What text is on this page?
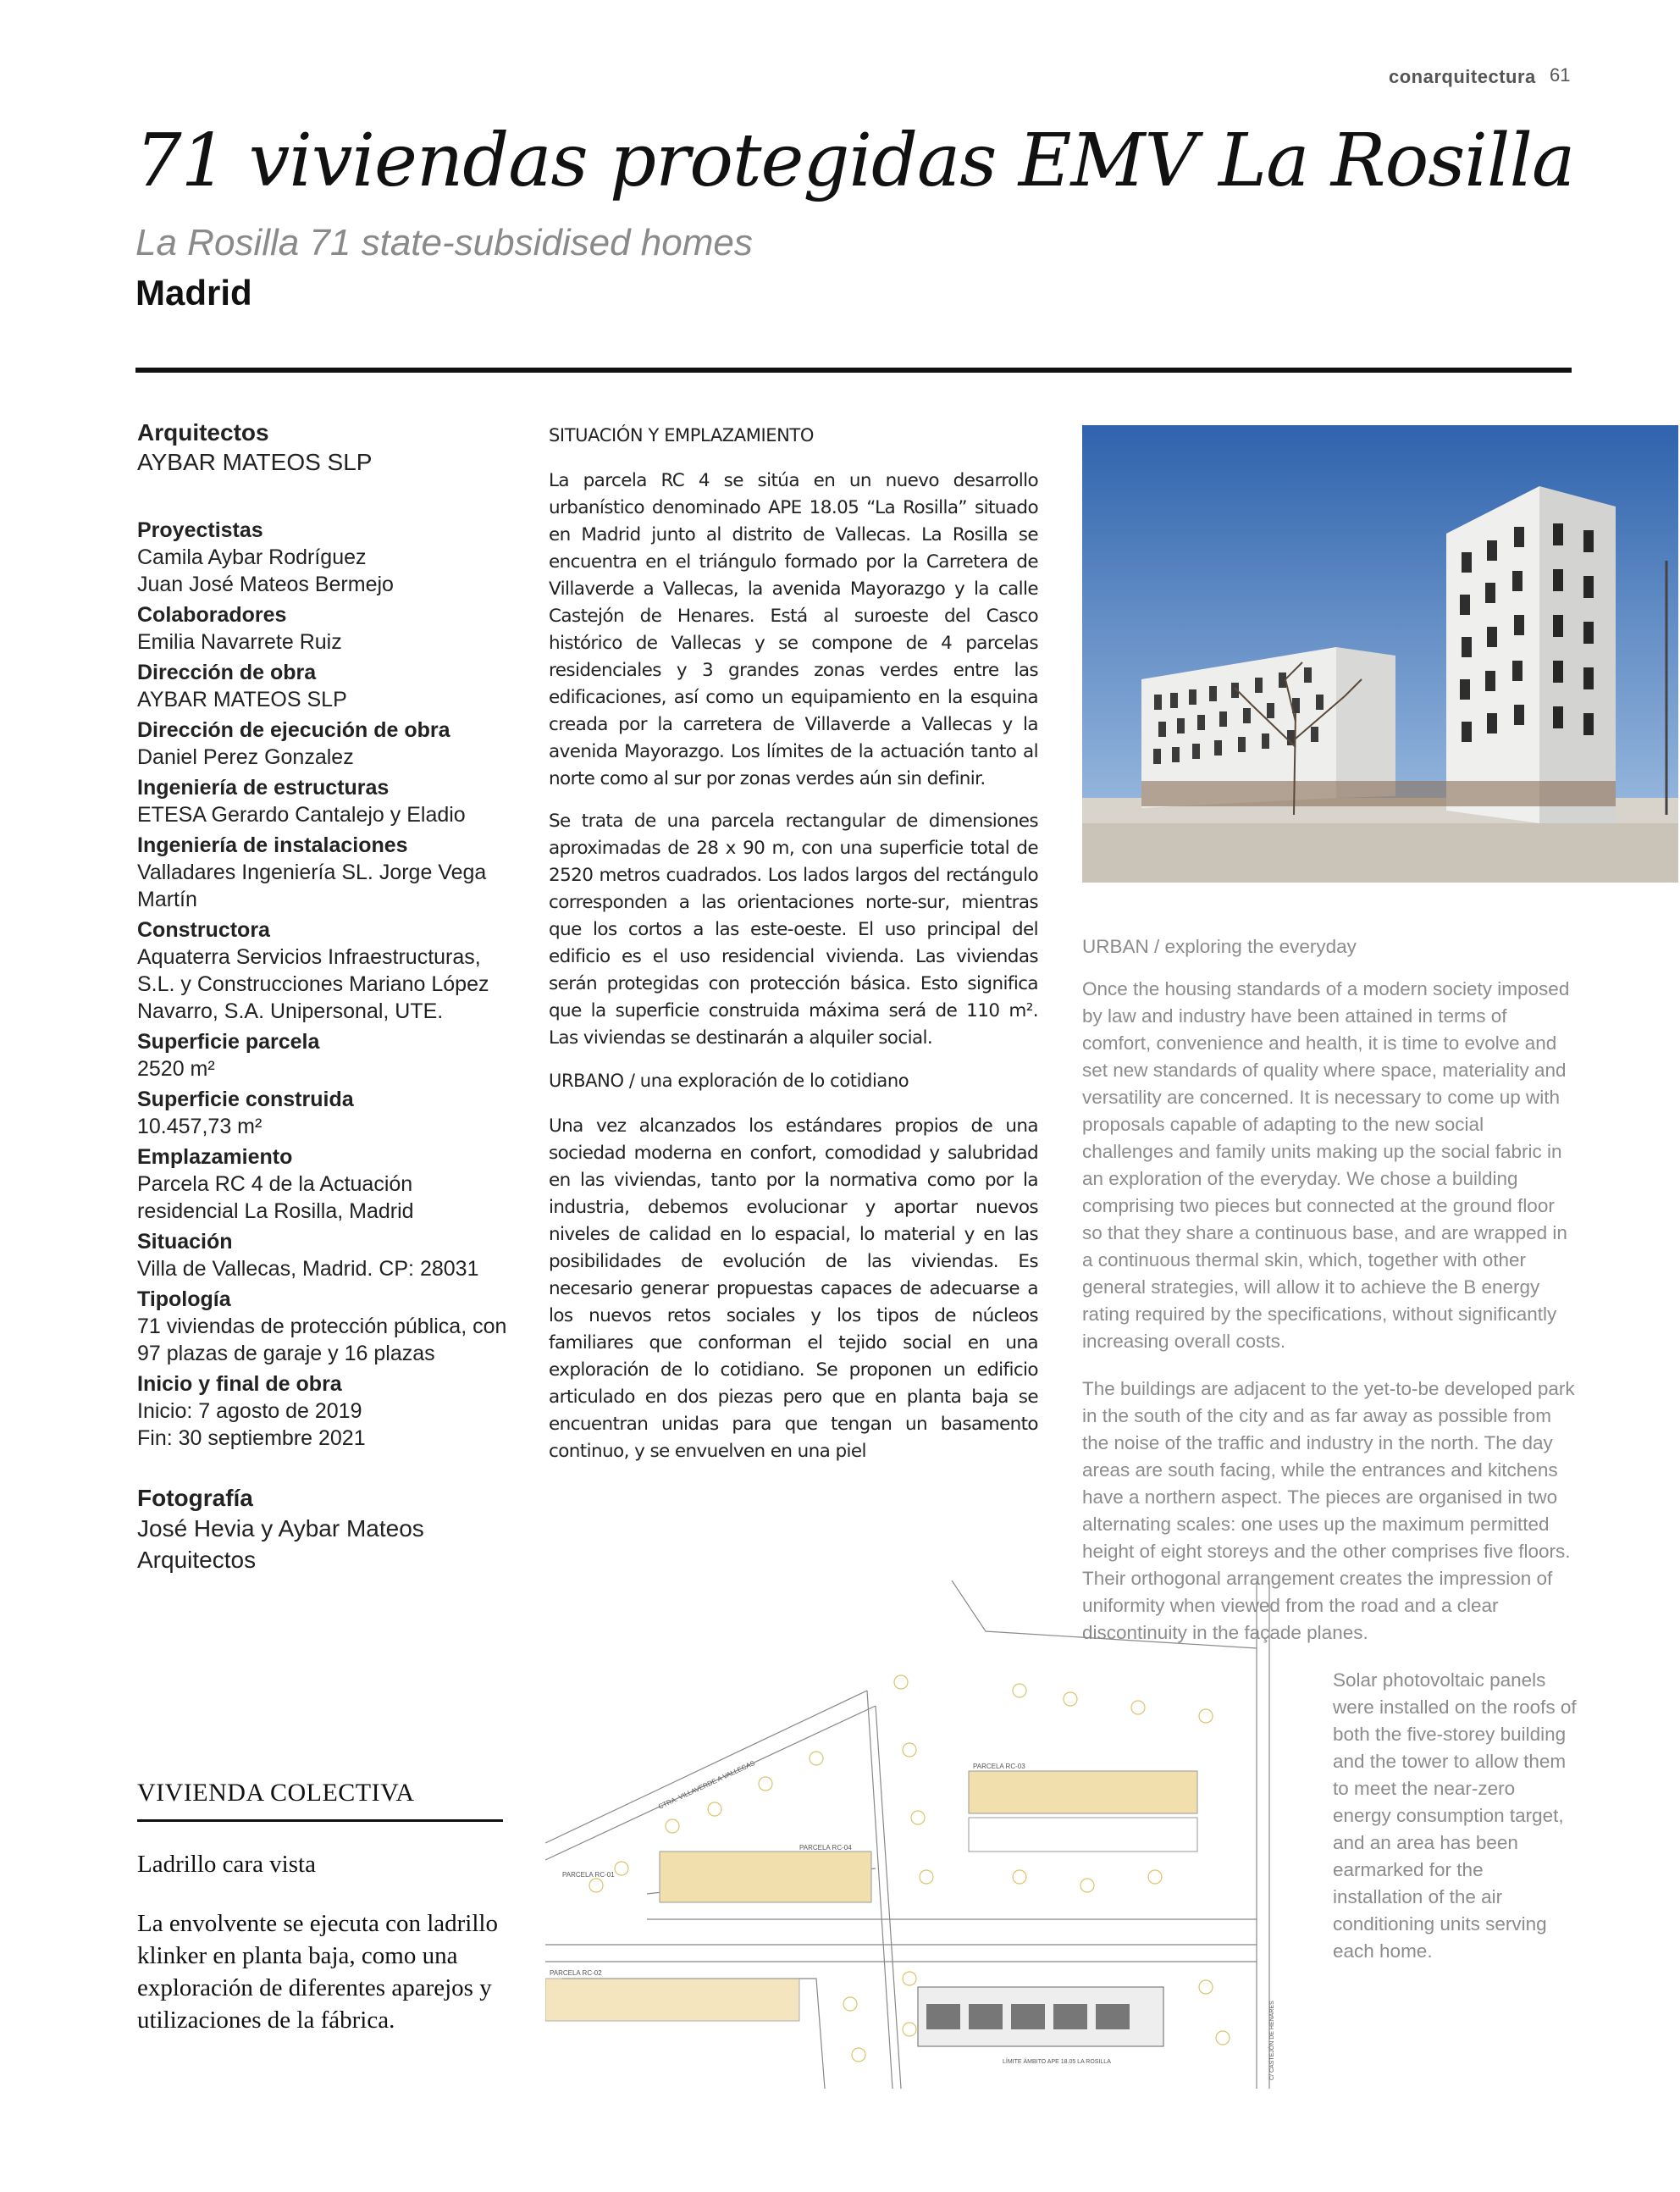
conarquitectura 61
71 viviendas protegidas EMV La Rosilla
La Rosilla 71 state-subsidised homes
Madrid
Arquitectos
AYBAR MATEOS SLP
Proyectistas
Camila Aybar Rodríguez
Juan José Mateos Bermejo
Colaboradores
Emilia Navarrete Ruiz
Dirección de obra
AYBAR MATEOS SLP
Dirección de ejecución de obra
Daniel Perez Gonzalez
Ingeniería de estructuras
ETESA Gerardo Cantalejo y Eladio
Ingeniería de instalaciones
Valladares Ingeniería SL. Jorge Vega Martín
Constructora
Aquaterra Servicios Infraestructuras, S.L. y Construcciones Mariano López Navarro, S.A. Unipersonal, UTE.
Superficie parcela
2520 m²
Superficie construida
10.457,73 m²
Emplazamiento
Parcela RC 4 de la Actuación residencial La Rosilla, Madrid
Situación
Villa de Vallecas, Madrid. CP: 28031
Tipología
71 viviendas de protección pública, con 97 plazas de garaje y 16 plazas
Inicio y final de obra
Inicio: 7 agosto de 2019
Fin: 30 septiembre 2021
Fotografía
José Hevia y Aybar Mateos Arquitectos
VIVIENDA COLECTIVA
Ladrillo cara vista
La envolvente se ejecuta con ladrillo klinker en planta baja, como una exploración de diferentes aparejos y utilizaciones de la fábrica.
SITUACIÓN Y EMPLAZAMIENTO

La parcela RC 4 se sitúa en un nuevo desarrollo urbanístico denominado APE 18.05 “La Rosilla” situado en Madrid junto al distrito de Vallecas. La Rosilla se encuentra en el triángulo formado por la Carretera de Villaverde a Vallecas, la avenida Mayorazgo y la calle Castejón de Henares. Está al suroeste del Casco histórico de Vallecas y se compone de 4 parcelas residenciales y 3 grandes zonas verdes entre las edificaciones, así como un equipamiento en la esquina creada por la carretera de Villaverde a Vallecas y la avenida Mayorazgo. Los límites de la actuación tanto al norte como al sur por zonas verdes aún sin definir.

Se trata de una parcela rectangular de dimensiones aproximadas de 28 x 90 m, con una superficie total de 2520 metros cuadrados. Los lados largos del rectángulo corresponden a las orientaciones norte-sur, mientras que los cortos a las este-oeste. El uso principal del edificio es el uso residencial vivienda. Las viviendas serán protegidas con protección básica. Esto significa que la superficie construida máxima será de 110 m². Las viviendas se destinarán a alquiler social.

URBANO / una exploración de lo cotidiano

Una vez alcanzados los estándares propios de una sociedad moderna en confort, comodidad y salubridad en las viviendas, tanto por la normativa como por la industria, debemos evolucionar y aportar nuevos niveles de calidad en lo espacial, lo material y en las posibilidades de evolución de las viviendas. Es necesario generar propuestas capaces de adecuarse a los nuevos retos sociales y los tipos de núcleos familiares que conforman el tejido social en una exploración de lo cotidiano. Se proponen un edificio articulado en dos piezas pero que en planta baja se encuentran unidas para que tengan un basamento continuo, y se envuelven en una piel

URBAN / exploring the everyday

Once the housing standards of a modern society imposed by law and industry have been attained in terms of comfort, convenience and health, it is time to evolve and set new standards of quality where space, materiality and versatility are concerned. It is necessary to come up with proposals capable of adapting to the new social challenges and family units making up the social fabric in an exploration of the everyday. We chose a building comprising two pieces but connected at the ground floor so that they share a continuous base, and are wrapped in a continuous thermal skin, which, together with other general strategies, will allow it to achieve the B energy rating required by the specifications, without significantly increasing overall costs.

The buildings are adjacent to the yet-to-be developed park in the south of the city and as far away as possible from the noise of the traffic and industry in the north. The day areas are south facing, while the entrances and kitchens have a northern aspect. The pieces are organised in two alternating scales: one uses up the maximum permitted height of eight storeys and the other comprises five floors. Their orthogonal arrangement creates the impression of uniformity when viewed from the road and a clear discontinuity in the façade planes.

Solar photovoltaic panels were installed on the roofs of both the five-storey building and the tower to allow them to meet the near-zero energy consumption target, and an area has been earmarked for the installation of the air conditioning units serving each home.

CTRA. VILLAVERDE A VALLECAS	PARCELA RC-03
PARCELA RC-04
PARCELA RC-01
PARCELA RC-02
LÍMITE ÁMBITO APE 18.05 LA ROSILLA	C/ CASTEJÓN DE HENARES
